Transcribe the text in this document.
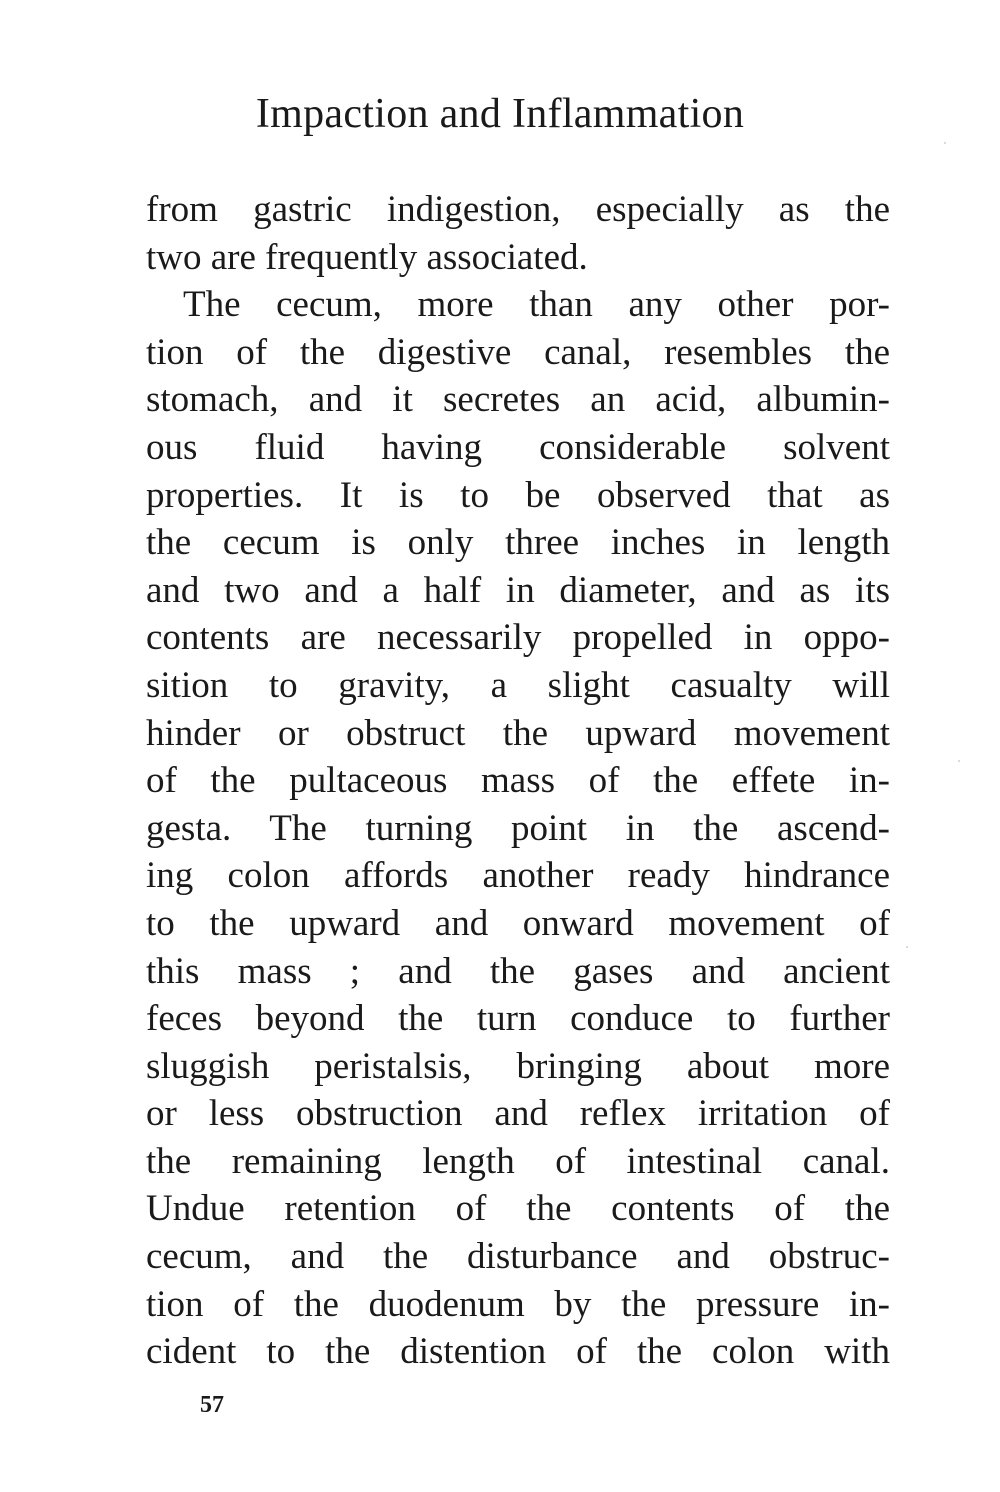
Impaction and Inflammation
from gastric indigestion, especially as the
two are frequently associated.
The cecum, more than any other por-
tion of the digestive canal, resembles the
stomach, and it secretes an acid, albumin-
ous fluid having considerable solvent
properties. It is to be observed that as
the cecum is only three inches in length
and two and a half in diameter, and as its
contents are necessarily propelled in oppo-
sition to gravity, a slight casualty will
hinder or obstruct the upward movement
of the pultaceous mass of the effete in-
gesta. The turning point in the ascend-
ing colon affords another ready hindrance
to the upward and onward movement of
this mass ; and the gases and ancient
feces beyond the turn conduce to further
sluggish peristalsis, bringing about more
or less obstruction and reflex irritation of
the remaining length of intestinal canal.
Undue retention of the contents of the
cecum, and the disturbance and obstruc-
tion of the duodenum by the pressure in-
cident to the distention of the colon with
57
